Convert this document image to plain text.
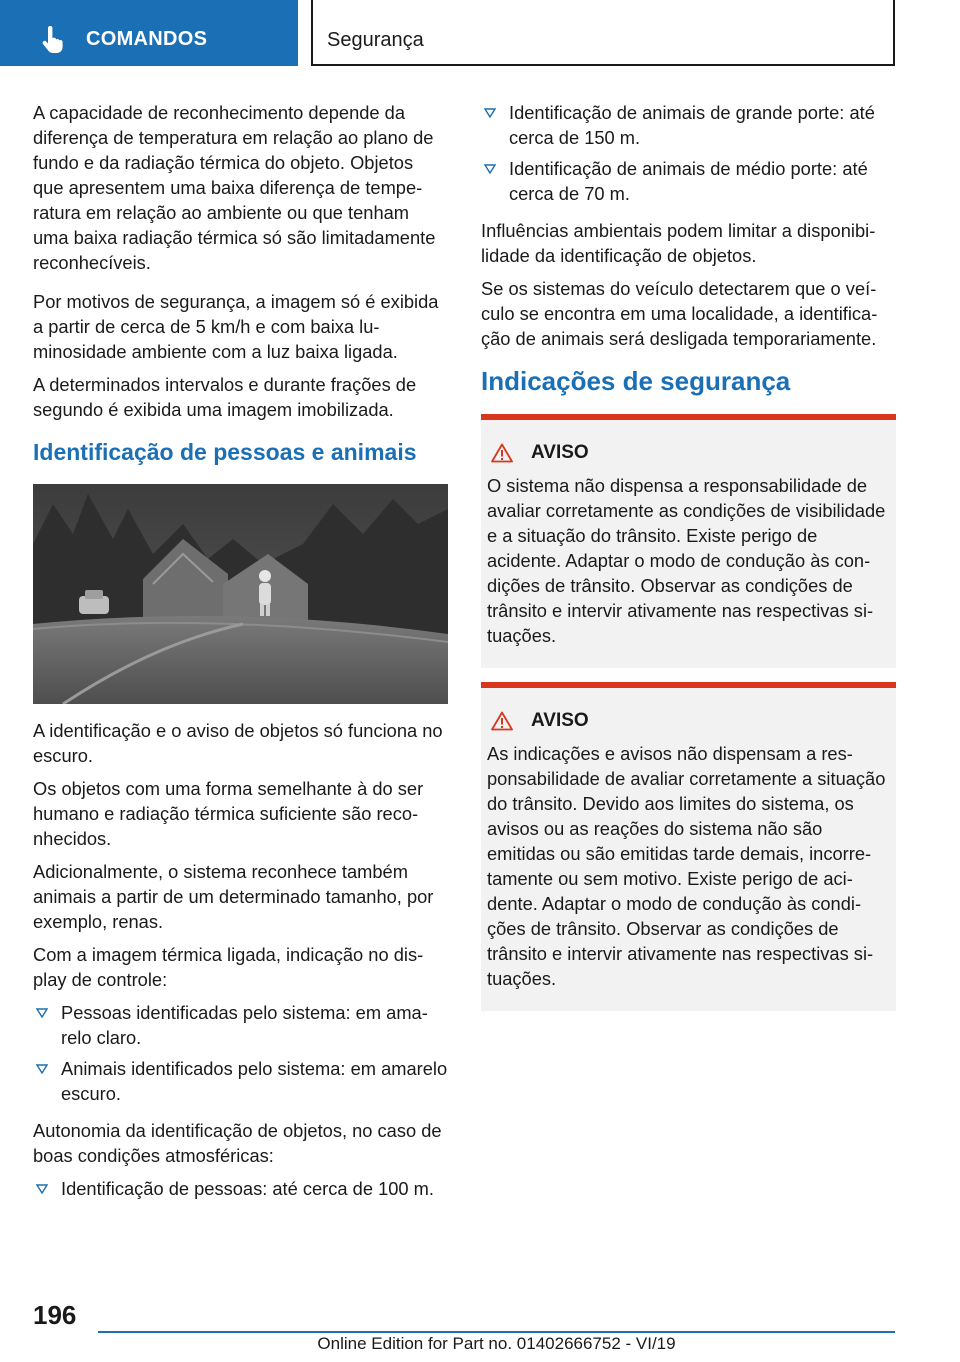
COMANDOS	Segurança

A capacidade de reconhecimento depende da diferença de temperatura em relação ao plano de fundo e da radiação térmica do objeto. Objetos que apresentem uma baixa diferença de temperatura em relação ao ambiente ou que tenham uma baixa radiação térmica só são limitadamente reconhecíveis.

Por motivos de segurança, a imagem só é exibida a partir de cerca de 5 km/h e com baixa luminosidade ambiente com a luz baixa ligada.

A determinados intervalos e durante frações de segundo é exibida uma imagem imobilizada.

Identificação de pessoas e animais

A identificação e o aviso de objetos só funciona no escuro.

Os objetos com uma forma semelhante à do ser humano e radiação térmica suficiente são reconhecidos.

Adicionalmente, o sistema reconhece também animais a partir de um determinado tamanho, por exemplo, renas.

Com a imagem térmica ligada, indicação no display de controle:

Pessoas identificadas pelo sistema: em amarelo claro.
Animais identificados pelo sistema: em amarelo escuro.

Autonomia da identificação de objetos, no caso de boas condições atmosféricas:

Identificação de pessoas: até cerca de 100 m.
Identificação de animais de grande porte: até cerca de 150 m.
Identificação de animais de médio porte: até cerca de 70 m.

Influências ambientais podem limitar a disponibilidade da identificação de objetos.

Se os sistemas do veículo detectarem que o veículo se encontra em uma localidade, a identificação de animais será desligada temporariamente.

Indicações de segurança
AVISO
O sistema não dispensa a responsabilidade de avaliar corretamente as condições de visibilidade e a situação do trânsito. Existe perigo de acidente. Adaptar o modo de condução às condições de trânsito. Observar as condições de trânsito e intervir ativamente nas respectivas situações.
AVISO
As indicações e avisos não dispensam a responsabilidade de avaliar corretamente a situação do trânsito. Devido aos limites do sistema, os avisos ou as reações do sistema não são emitidas ou são emitidas tarde demais, incorretamente ou sem motivo. Existe perigo de acidente. Adaptar o modo de condução às condições de trânsito. Observar as condições de trânsito e intervir ativamente nas respectivas situações.
196
Online Edition for Part no. 01402666752 - VI/19
